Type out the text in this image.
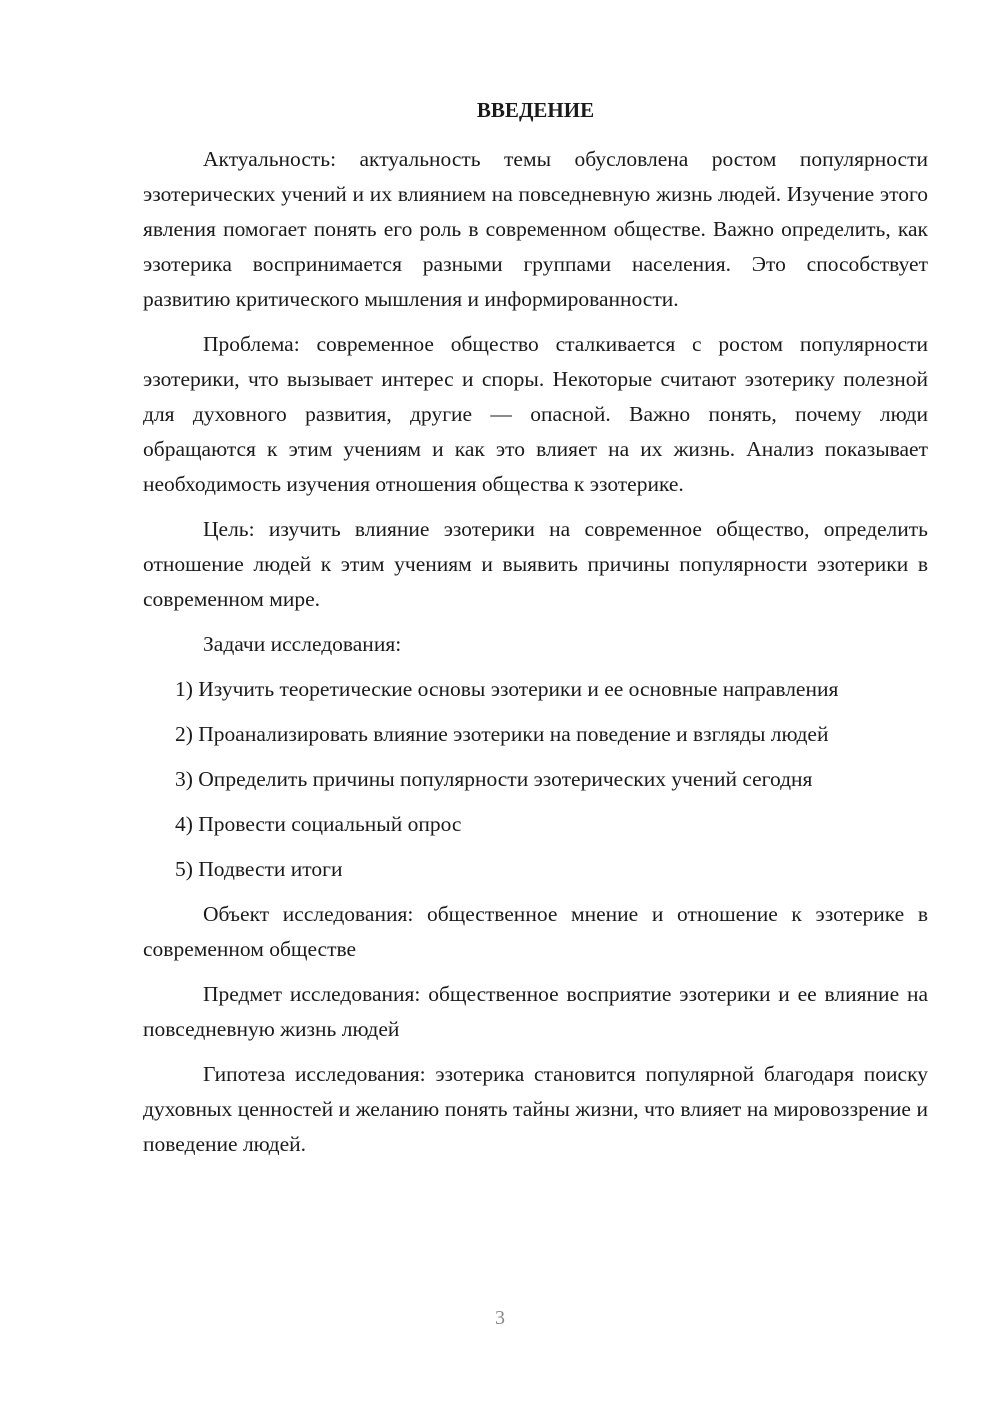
ВВЕДЕНИЕ

Актуальность: актуальность темы обусловлена ростом популярности эзотерических учений и их влиянием на повседневную жизнь людей. Изучение этого явления помогает понять его роль в современном обществе. Важно определить, как эзотерика воспринимается разными группами населения. Это способствует развитию критического мышления и информированности.

Проблема: современное общество сталкивается с ростом популярности эзотерики, что вызывает интерес и споры. Некоторые считают эзотерику полезной для духовного развития, другие — опасной. Важно понять, почему люди обращаются к этим учениям и как это влияет на их жизнь. Анализ показывает необходимость изучения отношения общества к эзотерике.

Цель: изучить влияние эзотерики на современное общество, определить отношение людей к этим учениям и выявить причины популярности эзотерики в современном мире.

Задачи исследования:

1) Изучить теоретические основы эзотерики и ее основные направления

2) Проанализировать влияние эзотерики на поведение и взгляды людей

3) Определить причины популярности эзотерических учений сегодня

4) Провести социальный опрос

5) Подвести итоги

Объект исследования: общественное мнение и отношение к эзотерике в современном обществе

Предмет исследования: общественное восприятие эзотерики и ее влияние на повседневную жизнь людей

Гипотеза исследования: эзотерика становится популярной благодаря поиску духовных ценностей и желанию понять тайны жизни, что влияет на мировоззрение и поведение людей.

3
